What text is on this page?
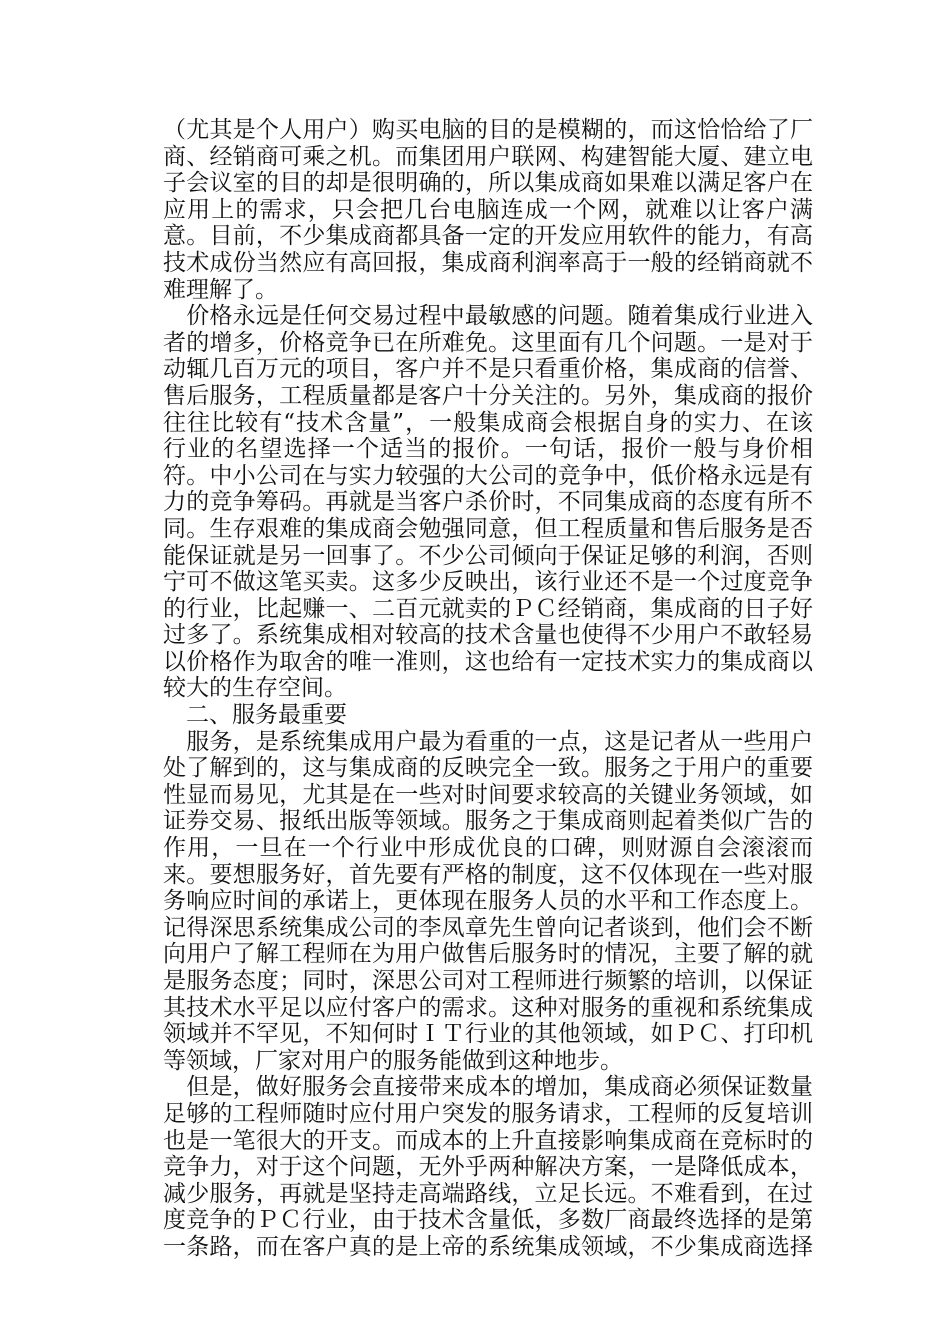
（尤其是个人用户）购买电脑的目的是模糊的，而这恰恰给了厂
商、经销商可乘之机。而集团用户联网、构建智能大厦、建立电
子会议室的目的却是很明确的，所以集成商如果难以满足客户在
应用上的需求，只会把几台电脑连成一个网，就难以让客户满
意。目前，不少集成商都具备一定的开发应用软件的能力，有高
技术成份当然应有高回报，集成商利润率高于一般的经销商就不
难理解了。
　价格永远是任何交易过程中最敏感的问题。随着集成行业进入
者的增多，价格竞争已在所难免。这里面有几个问题。一是对于
动辄几百万元的项目，客户并不是只看重价格，集成商的信誉、
售后服务，工程质量都是客户十分关注的。另外，集成商的报价
往往比较有“技术含量”，一般集成商会根据自身的实力、在该
行业的名望选择一个适当的报价。一句话，报价一般与身价相
符。中小公司在与实力较强的大公司的竞争中，低价格永远是有
力的竞争筹码。再就是当客户杀价时，不同集成商的态度有所不
同。生存艰难的集成商会勉强同意，但工程质量和售后服务是否
能保证就是另一回事了。不少公司倾向于保证足够的利润，否则
宁可不做这笔买卖。这多少反映出，该行业还不是一个过度竞争
的行业，比起赚一、二百元就卖的ＰＣ经销商，集成商的日子好
过多了。系统集成相对较高的技术含量也使得不少用户不敢轻易
以价格作为取舍的唯一准则，这也给有一定技术实力的集成商以
较大的生存空间。
　二、服务最重要
　服务，是系统集成用户最为看重的一点，这是记者从一些用户
处了解到的，这与集成商的反映完全一致。服务之于用户的重要
性显而易见，尤其是在一些对时间要求较高的关键业务领域，如
证券交易、报纸出版等领域。服务之于集成商则起着类似广告的
作用，一旦在一个行业中形成优良的口碑，则财源自会滚滚而
来。要想服务好，首先要有严格的制度，这不仅体现在一些对服
务响应时间的承诺上，更体现在服务人员的水平和工作态度上。
记得深思系统集成公司的李凤章先生曾向记者谈到，他们会不断
向用户了解工程师在为用户做售后服务时的情况，主要了解的就
是服务态度；同时，深思公司对工程师进行频繁的培训，以保证
其技术水平足以应付客户的需求。这种对服务的重视和系统集成
领域并不罕见，不知何时ＩＴ行业的其他领域，如ＰＣ、打印机
等领域，厂家对用户的服务能做到这种地步。
　但是，做好服务会直接带来成本的增加，集成商必须保证数量
足够的工程师随时应付用户突发的服务请求，工程师的反复培训
也是一笔很大的开支。而成本的上升直接影响集成商在竞标时的
竞争力，对于这个问题，无外乎两种解决方案，一是降低成本，
减少服务，再就是坚持走高端路线，立足长远。不难看到，在过
度竞争的ＰＣ行业，由于技术含量低，多数厂商最终选择的是第
一条路，而在客户真的是上帝的系统集成领域，不少集成商选择
